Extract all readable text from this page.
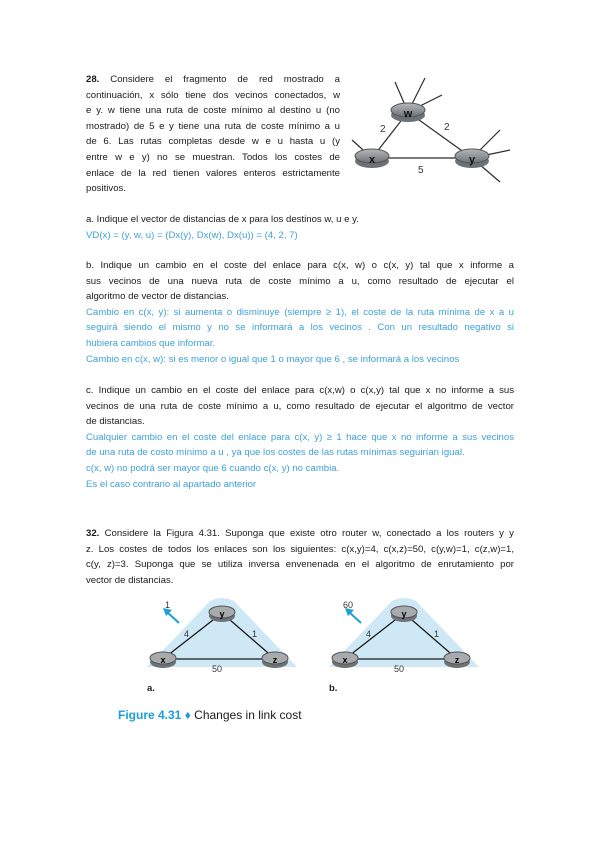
28. Considere el fragmento de red mostrado a
continuación, x sólo tiene dos vecinos conectados, w
e y. w tiene una ruta de coste mínimo al destino u (no
mostrado) de 5 e y tiene una ruta de coste mínimo a u
de 6. Las rutas completas desde w e u hasta u (y
entre w e y) no se muestran. Todos los costes de
enlace de la red tienen valores enteros estrictamente
positivos.
w
x	y
2	2
5
a. Indique el vector de distancias de x para los destinos w, u e y.
VD(x) = (y, w, u) = (Dx(y), Dx(w), Dx(u)) = (4, 2, 7)
b. Indique un cambio en el coste del enlace para c(x, w) o c(x, y) tal que x informe a
sus vecinos de una nueva ruta de coste mínimo a u, como resultado de ejecutar el
algoritmo de vector de distancias.
Cambio en c(x, y): si aumenta o disminuye (siempre ≥ 1), el coste de la ruta mínima de x a u
seguirá siendo el mismo y no se informará a los vecinos . Con un resultado negativo si
hubiera cambios que informar.
Cambio en c(x, w): si es menor o igual que 1 o mayor que 6 , se informará a los vecinos
c. Indique un cambio en el coste del enlace para c(x,w) o c(x,y) tal que x no informe a sus
vecinos de una ruta de coste mínimo a u, como resultado de ejecutar el algoritmo de vector
de distancias.
Cualquier cambio en el coste del enlace para c(x, y) ≥ 1 hace que x no informe a sus vecinos
de una ruta de costo mínimo a u , ya que los costes de las rutas mínimas seguirían igual.
c(x, w) no podrá ser mayor que 6 cuando c(x, y) no cambia.
Es el caso contrario al apartado anterior
32. Considere la Figura 4.31. Suponga que existe otro router w, conectado a los routers y y
z. Los costes de todos los enlaces son los siguientes: c(x,y)=4, c(x,z)=50, c(y,w)=1, c(z,w)=1,
c(y, z)=3. Suponga que se utiliza inversa envenenada en el algoritmo de enrutamiento por
vector de distancias.
1
4	1
50
y
x	z
a.
60
4	1
50
y
x	z
b.
Figure 4.31 ♦ Changes in link cost
